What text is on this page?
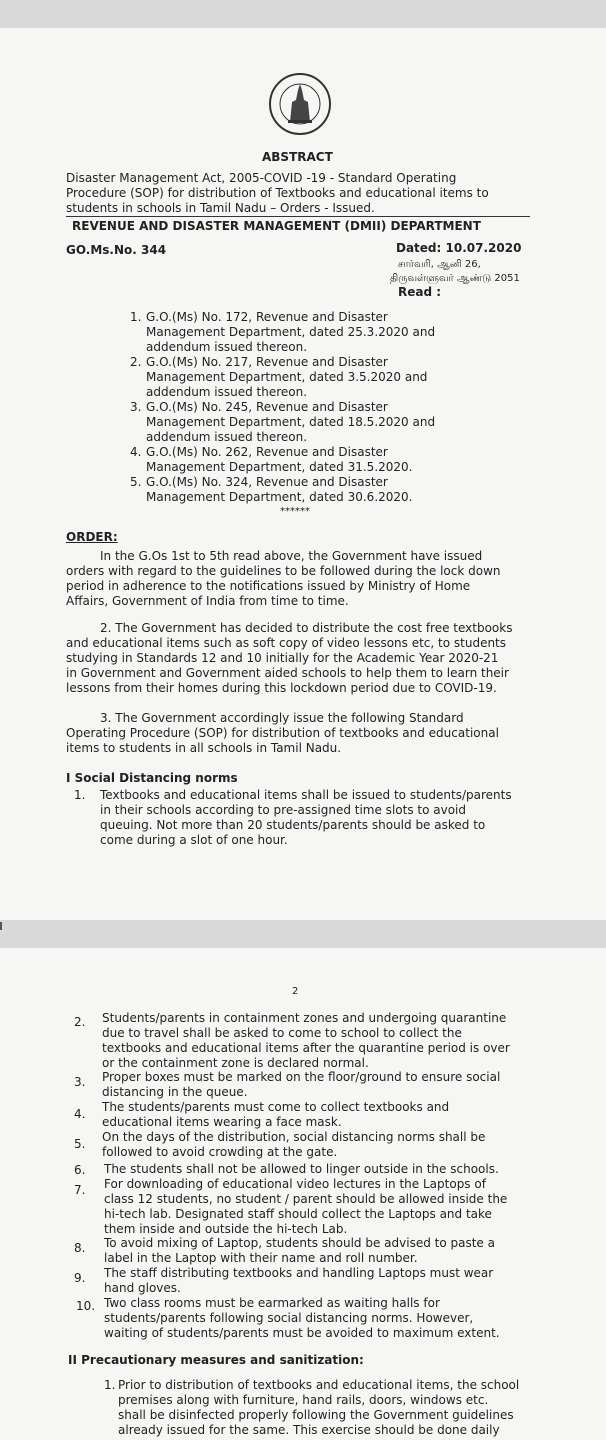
ABSTRACT
Disaster Management Act, 2005-COVID -19 - Standard Operating
Procedure (SOP) for distribution of Textbooks and educational items to
students in schools in Tamil Nadu – Orders - Issued.
REVENUE AND DISASTER MANAGEMENT (DMII) DEPARTMENT
GO.Ms.No. 344	Dated: 10.07.2020
சார்வரி, ஆனி 26,
திருவள்ளுவர் ஆண்டு 2051
Read :
1. G.O.(Ms) No. 172, Revenue and Disaster
Management Department, dated 25.3.2020 and
addendum issued thereon.
2. G.O.(Ms) No. 217, Revenue and Disaster
Management Department, dated 3.5.2020 and
addendum issued thereon.
3. G.O.(Ms) No. 245, Revenue and Disaster
Management Department, dated 18.5.2020 and
addendum issued thereon.
4. G.O.(Ms) No. 262, Revenue and Disaster
Management Department, dated 31.5.2020.
5. G.O.(Ms) No. 324, Revenue and Disaster
Management Department, dated 30.6.2020.
******
ORDER:
In the G.Os 1st to 5th read above, the Government have issued
orders with regard to the guidelines to be followed during the lock down
period in adherence to the notifications issued by Ministry of Home
Affairs, Government of India from time to time.
2. The Government has decided to distribute the cost free textbooks
and educational items such as soft copy of video lessons etc, to students
studying in Standards 12 and 10 initially for the Academic Year 2020-21
in Government and Government aided schools to help them to learn their
lessons from their homes during this lockdown period due to COVID-19.
3. The Government accordingly issue the following Standard
Operating Procedure (SOP) for distribution of textbooks and educational
items to students in all schools in Tamil Nadu.
I Social Distancing norms
1. Textbooks and educational items shall be issued to students/parents
in their schools according to pre-assigned time slots to avoid
queuing. Not more than 20 students/parents should be asked to
come during a slot of one hour.
2
2. Students/parents in containment zones and undergoing quarantine
due to travel shall be asked to come to school to collect the
textbooks and educational items after the quarantine period is over
or the containment zone is declared normal.
3. Proper boxes must be marked on the floor/ground to ensure social
distancing in the queue.
4. The students/parents must come to collect textbooks and
educational items wearing a face mask.
5. On the days of the distribution, social distancing norms shall be
followed to avoid crowding at the gate.
6. The students shall not be allowed to linger outside in the schools.
7. For downloading of educational video lectures in the Laptops of
class 12 students, no student / parent should be allowed inside the
hi-tech lab. Designated staff should collect the Laptops and take
them inside and outside the hi-tech Lab.
8. To avoid mixing of Laptop, students should be advised to paste a
label in the Laptop with their name and roll number.
9. The staff distributing textbooks and handling Laptops must wear
hand gloves.
10. Two class rooms must be earmarked as waiting halls for
students/parents following social distancing norms. However,
waiting of students/parents must be avoided to maximum extent.
II Precautionary measures and sanitization:
1. Prior to distribution of textbooks and educational items, the school
premises along with furniture, hand rails, doors, windows etc.
shall be disinfected properly following the Government guidelines
already issued for the same. This exercise should be done daily
